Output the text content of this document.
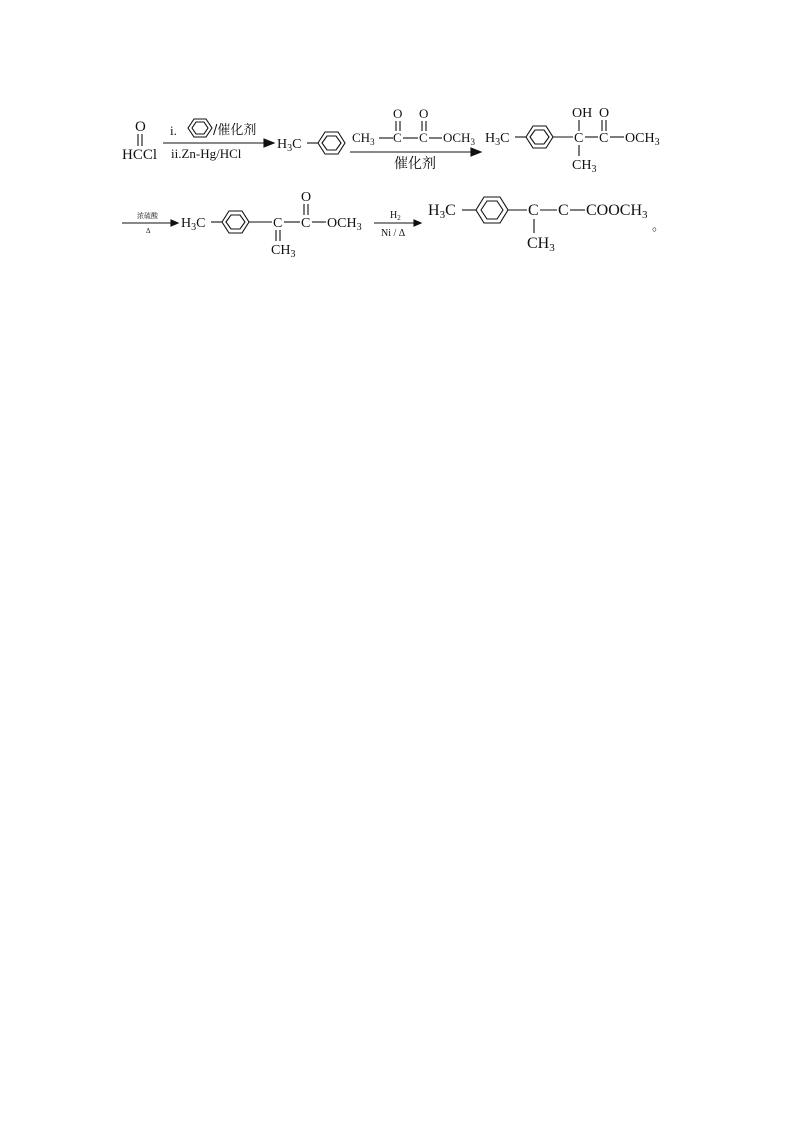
O
HCCl
i.	/催化剂
ii.Zn-Hg/HCl
$H_3C$
O O
$CH_3$ C C $OCH_3$
催化剂
$H_3C$
OH
C
O
C $OCH_3$
$CH_3$
浓硫酸
Δ $H_3C$	C
O
C $OCH_3$
$CH_3$
$H_2$
Ni / Δ
H3C	C C COOCH3
CH3
。
